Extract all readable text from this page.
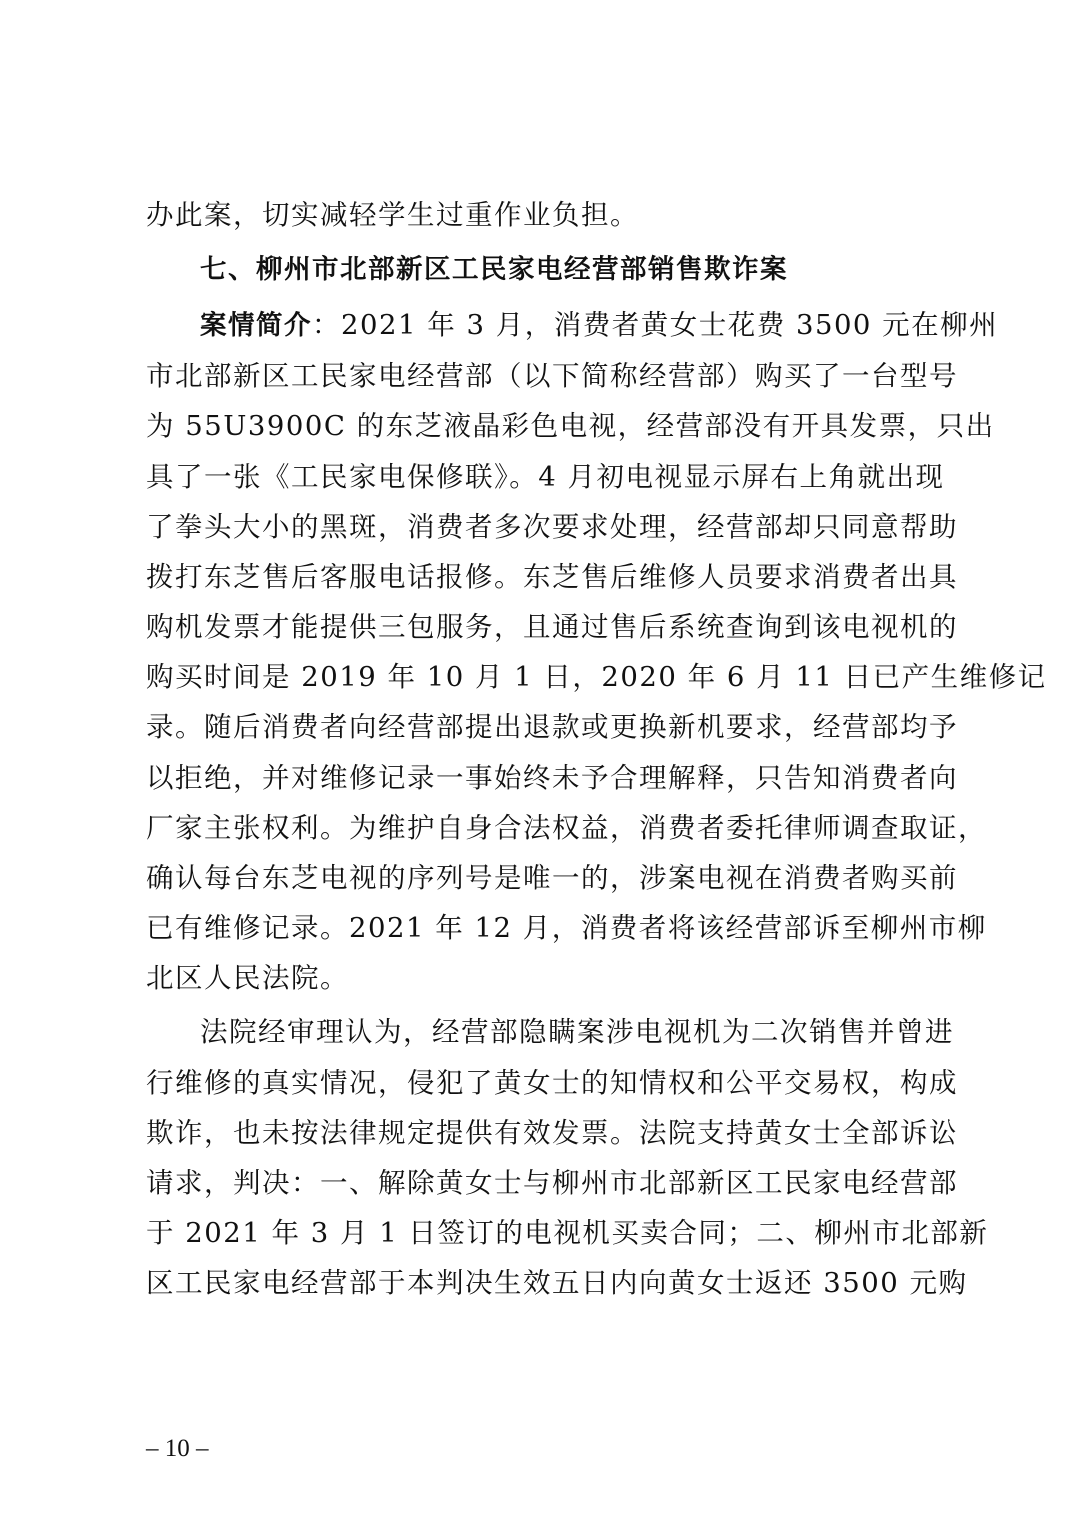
办此案，切实减轻学生过重作业负担。
七、柳州市北部新区工民家电经营部销售欺诈案
案情简介：2021 年 3 月，消费者黄女士花费 3500 元在柳州
市北部新区工民家电经营部（以下简称经营部）购买了一台型号
为 55U3900C 的东芝液晶彩色电视，经营部没有开具发票，只出
具了一张《工民家电保修联》。4 月初电视显示屏右上角就出现
了拳头大小的黑斑，消费者多次要求处理，经营部却只同意帮助
拨打东芝售后客服电话报修。东芝售后维修人员要求消费者出具
购机发票才能提供三包服务，且通过售后系统查询到该电视机的
购买时间是 2019 年 10 月 1 日，2020 年 6 月 11 日已产生维修记
录。随后消费者向经营部提出退款或更换新机要求，经营部均予
以拒绝，并对维修记录一事始终未予合理解释，只告知消费者向
厂家主张权利。为维护自身合法权益，消费者委托律师调查取证，
确认每台东芝电视的序列号是唯一的，涉案电视在消费者购买前
已有维修记录。2021 年 12 月，消费者将该经营部诉至柳州市柳
北区人民法院。
法院经审理认为，经营部隐瞒案涉电视机为二次销售并曾进
行维修的真实情况，侵犯了黄女士的知情权和公平交易权，构成
欺诈，也未按法律规定提供有效发票。法院支持黄女士全部诉讼
请求，判决：一、解除黄女士与柳州市北部新区工民家电经营部
于 2021 年 3 月 1 日签订的电视机买卖合同；二、柳州市北部新
区工民家电经营部于本判决生效五日内向黄女士返还 3500 元购
– 10 –
